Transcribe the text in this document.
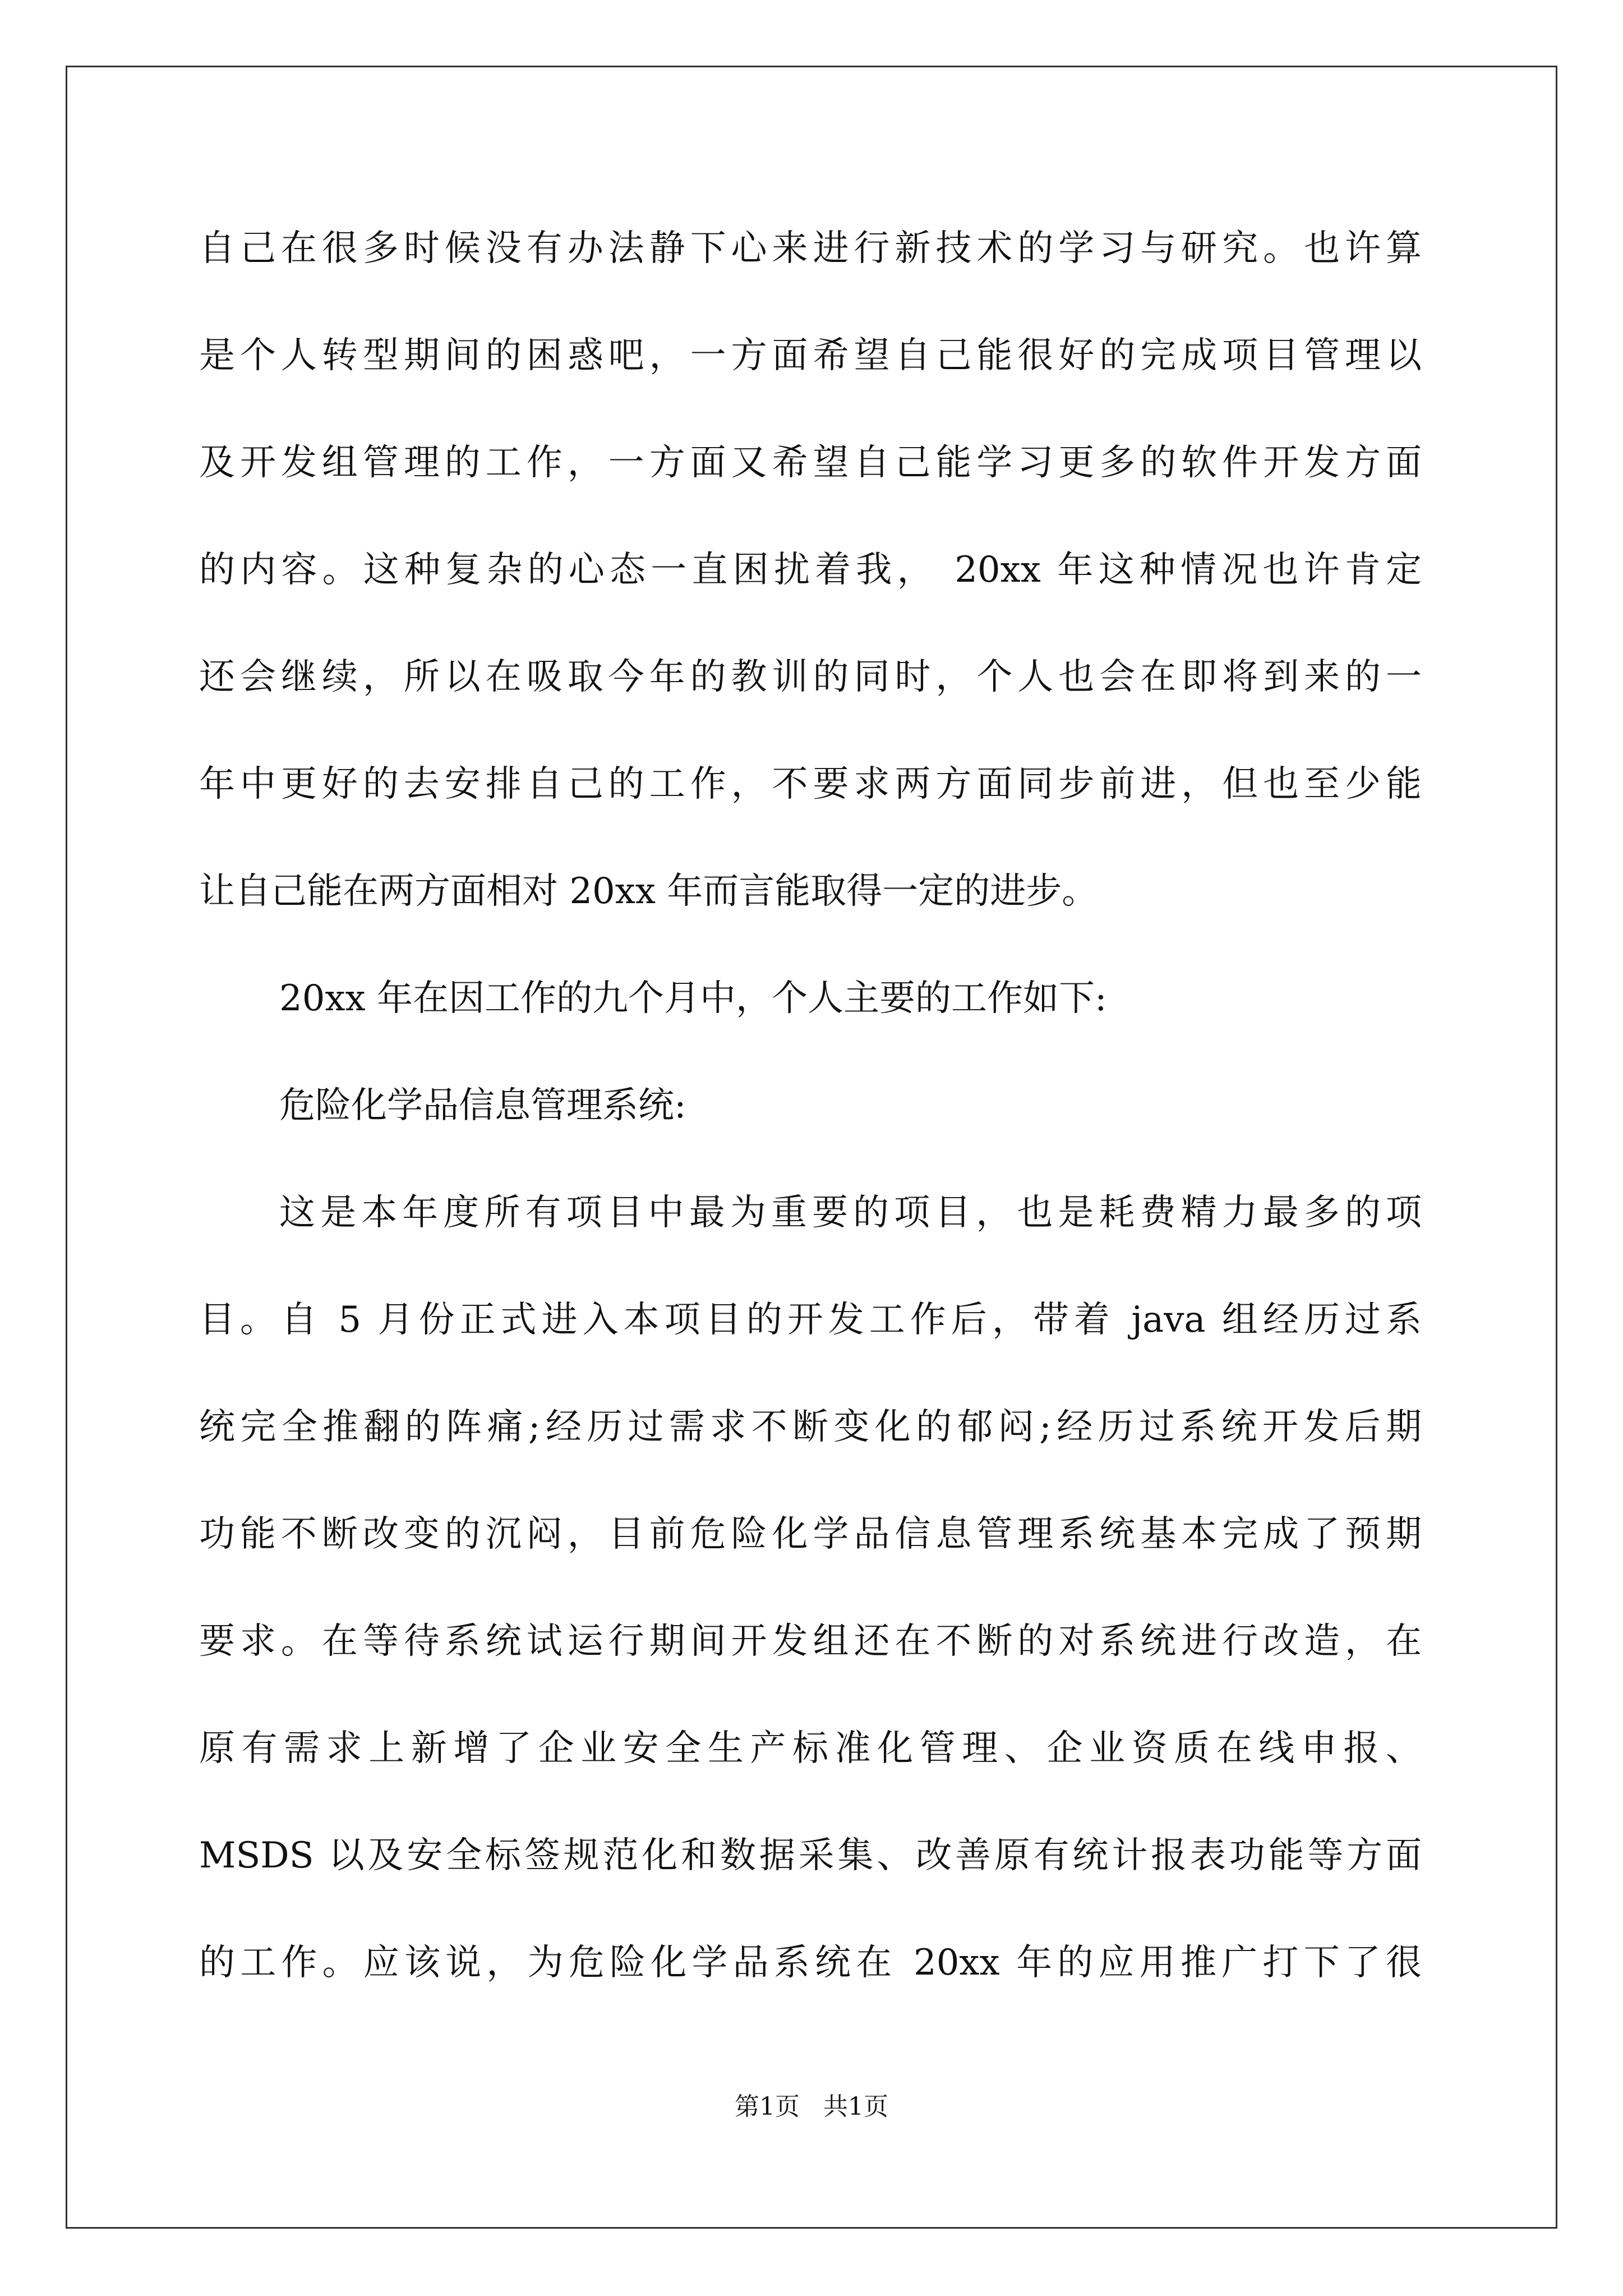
自己在很多时候没有办法静下心来进行新技术的学习与研究。也许算
是个人转型期间的困惑吧，一方面希望自己能很好的完成项目管理以
及开发组管理的工作，一方面又希望自己能学习更多的软件开发方面
的内容。这种复杂的心态一直困扰着我， 20xx 年这种情况也许肯定
还会继续，所以在吸取今年的教训的同时，个人也会在即将到来的一
年中更好的去安排自己的工作，不要求两方面同步前进，但也至少能
让自己能在两方面相对 20xx 年而言能取得一定的进步。
20xx 年在因工作的九个月中，个人主要的工作如下:
危险化学品信息管理系统:
这是本年度所有项目中最为重要的项目，也是耗费精力最多的项
目。自 5 月份正式进入本项目的开发工作后，带着 java 组经历过系
统完全推翻的阵痛;经历过需求不断变化的郁闷;经历过系统开发后期
功能不断改变的沉闷，目前危险化学品信息管理系统基本完成了预期
要求。在等待系统试运行期间开发组还在不断的对系统进行改造，在
原有需求上新增了企业安全生产标准化管理、企业资质在线申报、
MSDS 以及安全标签规范化和数据采集、改善原有统计报表功能等方面
的工作。应该说，为危险化学品系统在 20xx 年的应用推广打下了很
第1页   共1页
